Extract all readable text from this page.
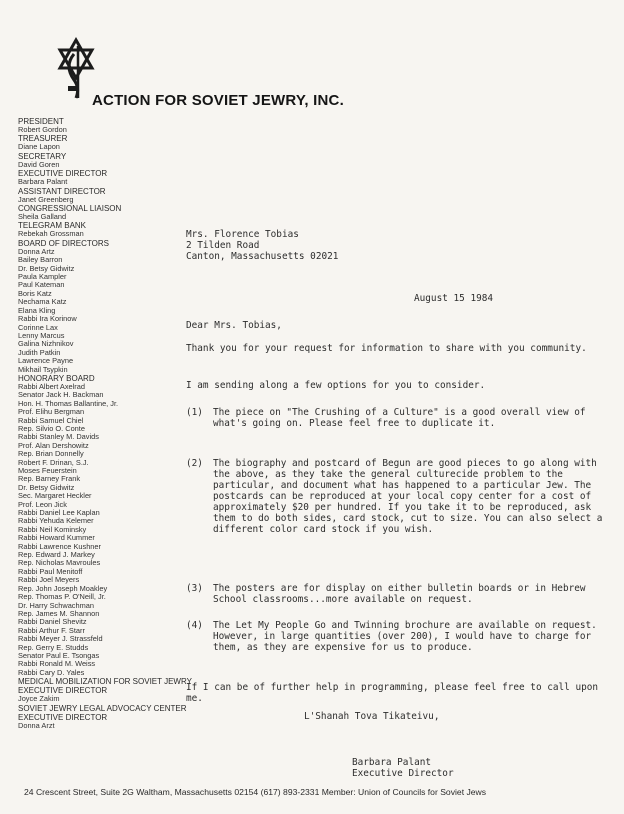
ACTION FOR SOVIET JEWRY, INC.
PRESIDENT
Robert Gordon
TREASURER
Diane Lapon
SECRETARY
David Goren
EXECUTIVE DIRECTOR
Barbara Palant
ASSISTANT DIRECTOR
Janet Greenberg
CONGRESSIONAL LIAISON
Sheila Galland
TELEGRAM BANK
Rebekah Grossman
BOARD OF DIRECTORS
Donna Artz
Bailey Barron
Dr. Betsy Gidwitz
Paula Kampler
Paul Kateman
Boris Katz
Nechama Katz
Elana Kling
Rabbi Ira Korinow
Corinne Lax
Lenny Marcus
Galina Nizhnikov
Judith Patkin
Lawrence Payne
Mikhail Tsypkin
HONORARY BOARD
Rabbi Albert Axelrad
Senator Jack H. Backman
Hon. H. Thomas Ballantine, Jr.
Prof. Elihu Bergman
Rabbi Samuel Chiel
Rep. Silvio O. Conte
Rabbi Stanley M. Davids
Prof. Alan Dershowitz
Rep. Brian Donnelly
Robert F. Drinan, S.J.
Moses Feuerstein
Rep. Barney Frank
Dr. Betsy Gidwitz
Sec. Margaret Heckler
Prof. Leon Jick
Rabbi Daniel Lee Kaplan
Rabbi Yehuda Kelemer
Rabbi Neil Kominsky
Rabbi Howard Kummer
Rabbi Lawrence Kushner
Rep. Edward J. Markey
Rep. Nicholas Mavroules
Rabbi Paul Menitoff
Rabbi Joel Meyers
Rep. John Joseph Moakley
Rep. Thomas P. O'Neill, Jr.
Dr. Harry Schwachman
Rep. James M. Shannon
Rabbi Daniel Shevitz
Rabbi Arthur F. Starr
Rabbi Meyer J. Strassfeld
Rep. Gerry E. Studds
Senator Paul E. Tsongas
Rabbi Ronald M. Weiss
Rabbi Cary D. Yales
MEDICAL MOBILIZATION FOR SOVIET JEWRY
EXECUTIVE DIRECTOR
Joyce Zakim
SOVIET JEWRY LEGAL ADVOCACY CENTER
EXECUTIVE DIRECTOR
Donna Arzt
Mrs. Florence Tobias
2 Tilden Road
Canton, Massachusetts 02021
August 15 1984
Dear Mrs. Tobias,
Thank you for your request for information to share with you community.
I am sending along a few options for you to consider.
(1) The piece on "The Crushing of a Culture" is a good overall view of what's going on. Please feel free to duplicate it.
(2) The biography and postcard of Begun are good pieces to go along with the above, as they take the general culturecide problem to the particular, and document what has happened to a particular Jew. The postcards can be reproduced at your local copy center for a cost of approximately $20 per hundred. If you take it to be reproduced, ask them to do both sides, card stock, cut to size. You can also select a different color card stock if you wish.
(3) The posters are for display on either bulletin boards or in Hebrew School classrooms...more available on request.
(4) The Let My People Go and Twinning brochure are available on request. However, in large quantities (over 200), I would have to charge for them, as they are expensive for us to produce.
If I can be of further help in programming, please feel free to call upon me.
L'Shanah Tova Tikateivu,
Barbara Palant
Executive Director
24 Crescent Street, Suite 2G Waltham, Massachusetts 02154 (617) 893-2331 Member: Union of Councils for Soviet Jews
